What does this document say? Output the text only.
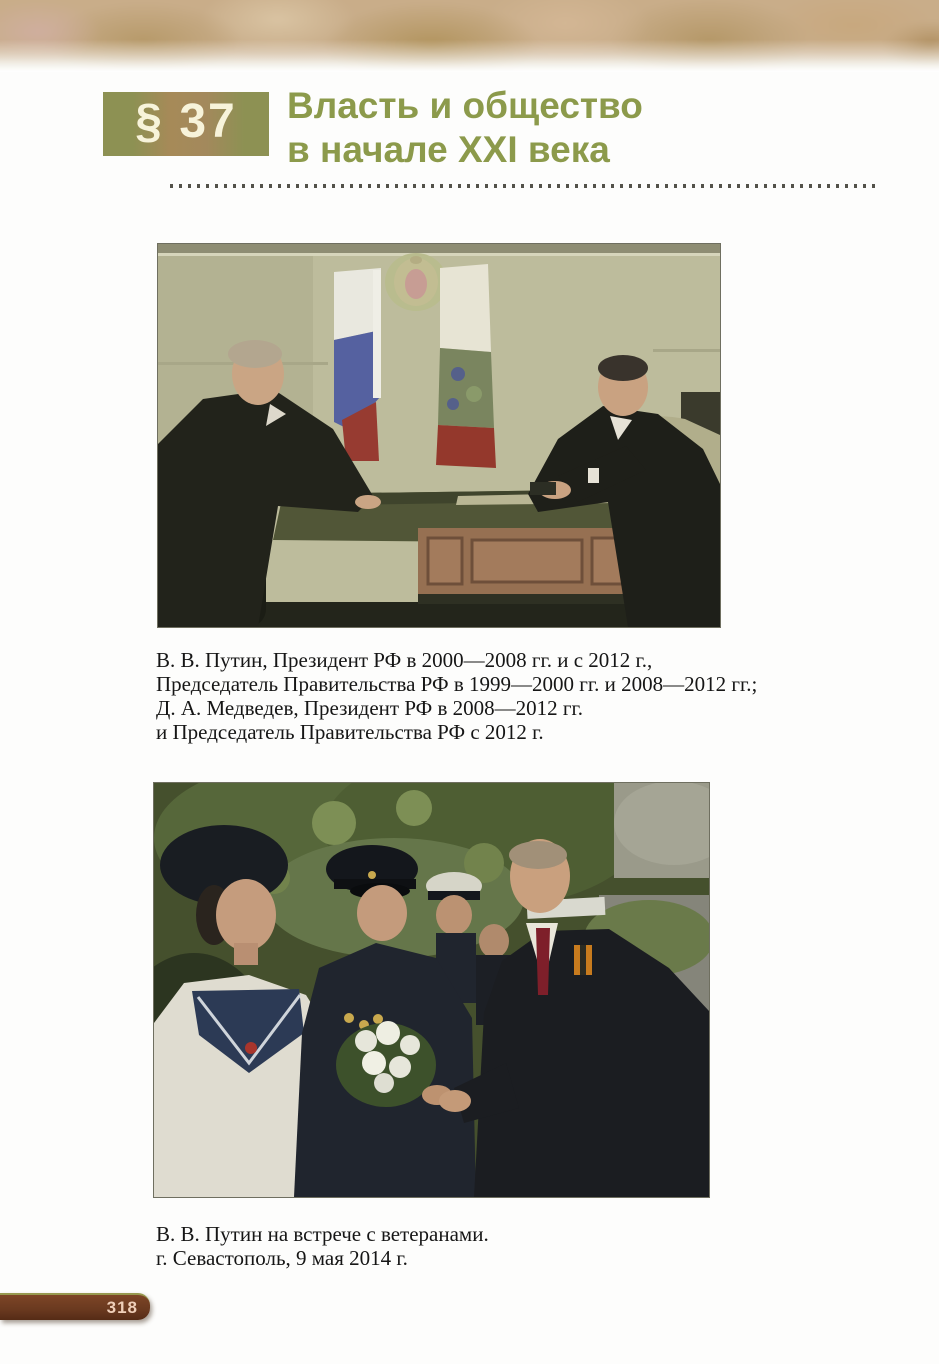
§ 37 Власть и общество
в начале XXI века
В. В. Путин, Президент РФ в 2000—2008 гг. и с 2012 г.,
Председатель Правительства РФ в 1999—2000 гг. и 2008—2012 гг.;
Д. А. Медведев, Президент РФ в 2008—2012 гг.
и Председатель Правительства РФ с 2012 г.
В. В. Путин на встрече с ветеранами.
г. Севастополь, 9 мая 2014 г.
318
